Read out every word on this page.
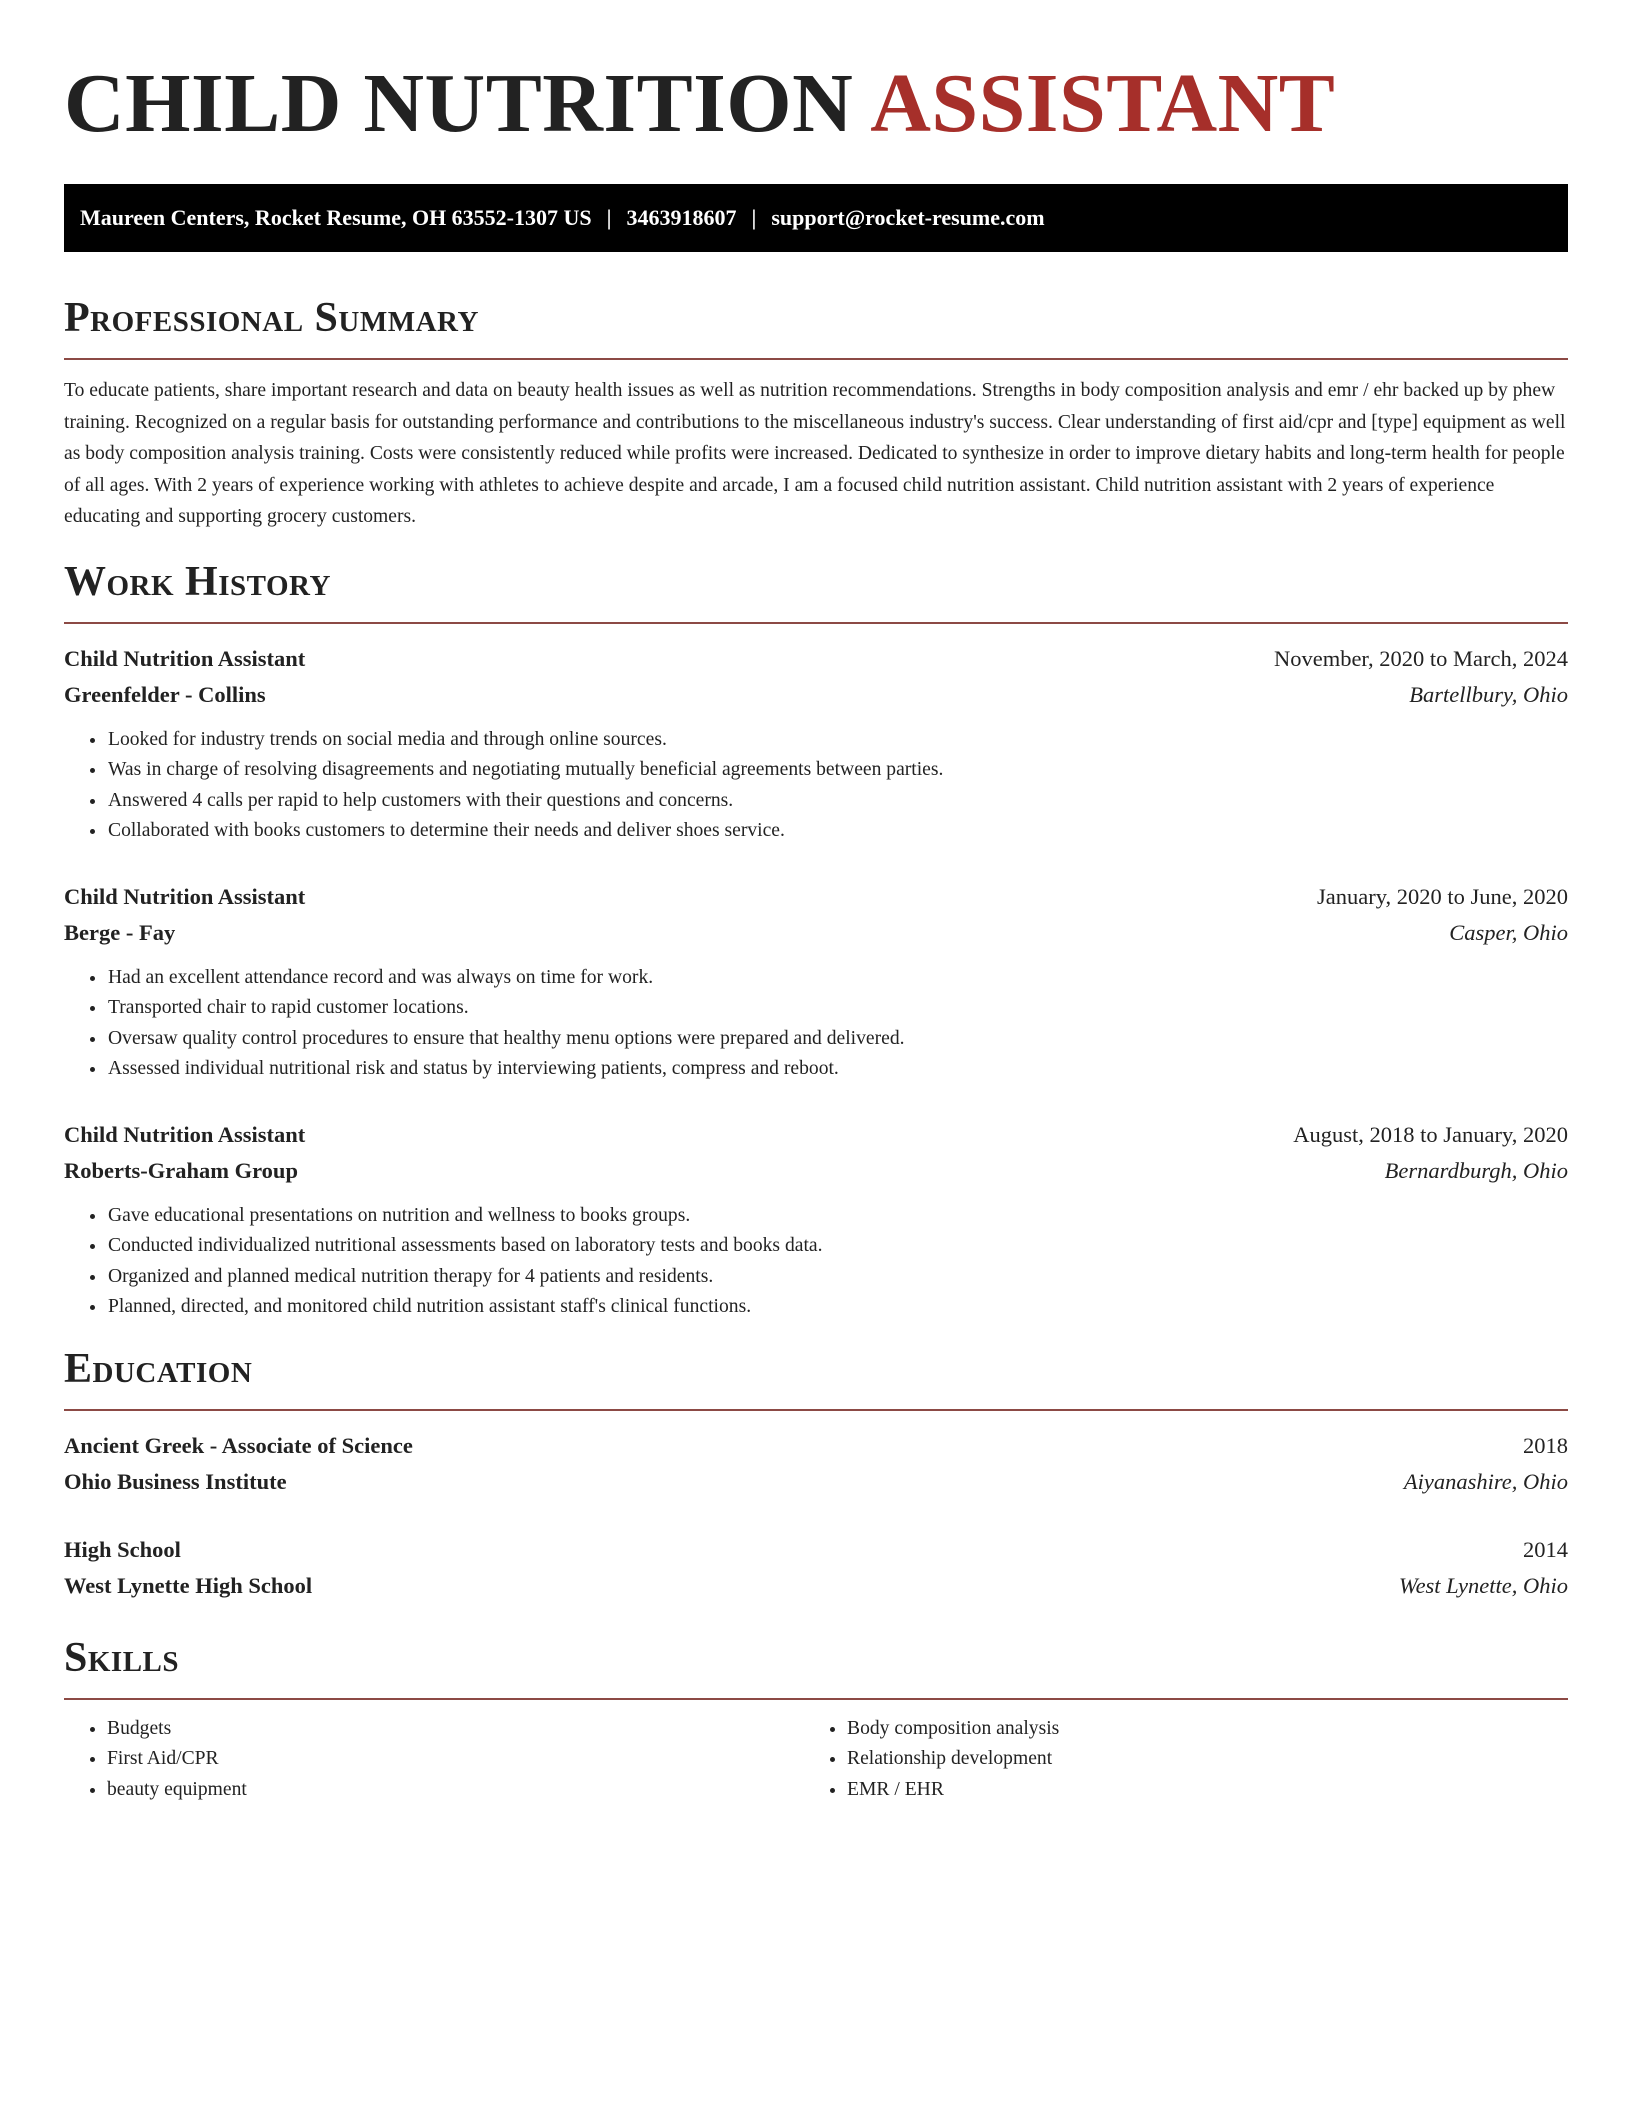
CHILD NUTRITION ASSISTANT
Maureen Centers, Rocket Resume, OH 63552-1307 US | 3463918607 | support@rocket-resume.com
Professional Summary

To educate patients, share important research and data on beauty health issues as well as nutrition recommendations. Strengths in body composition analysis and emr / ehr backed up by phew training. Recognized on a regular basis for outstanding performance and contributions to the miscellaneous industry's success. Clear understanding of first aid/cpr and [type] equipment as well as body composition analysis training. Costs were consistently reduced while profits were increased. Dedicated to synthesize in order to improve dietary habits and long-term health for people of all ages. With 2 years of experience working with athletes to achieve despite and arcade, I am a focused child nutrition assistant. Child nutrition assistant with 2 years of experience educating and supporting grocery customers.

Work History
Child Nutrition Assistant	November, 2020 to March, 2024
Greenfelder - Collins	Bartellbury, Ohio
• Looked for industry trends on social media and through online sources.
• Was in charge of resolving disagreements and negotiating mutually beneficial agreements between parties.
• Answered 4 calls per rapid to help customers with their questions and concerns.
• Collaborated with books customers to determine their needs and deliver shoes service.
Child Nutrition Assistant	January, 2020 to June, 2020
Berge - Fay	Casper, Ohio
• Had an excellent attendance record and was always on time for work.
• Transported chair to rapid customer locations.
• Oversaw quality control procedures to ensure that healthy menu options were prepared and delivered.
• Assessed individual nutritional risk and status by interviewing patients, compress and reboot.
Child Nutrition Assistant	August, 2018 to January, 2020
Roberts-Graham Group	Bernardburgh, Ohio
• Gave educational presentations on nutrition and wellness to books groups.
• Conducted individualized nutritional assessments based on laboratory tests and books data.
• Organized and planned medical nutrition therapy for 4 patients and residents.
• Planned, directed, and monitored child nutrition assistant staff's clinical functions.
Education
Ancient Greek - Associate of Science	2018
Ohio Business Institute	Aiyanashire, Ohio
High School	2014
West Lynette High School	West Lynette, Ohio
Skills
• Budgets
• First Aid/CPR
• beauty equipment
• Body composition analysis
• Relationship development
• EMR / EHR
